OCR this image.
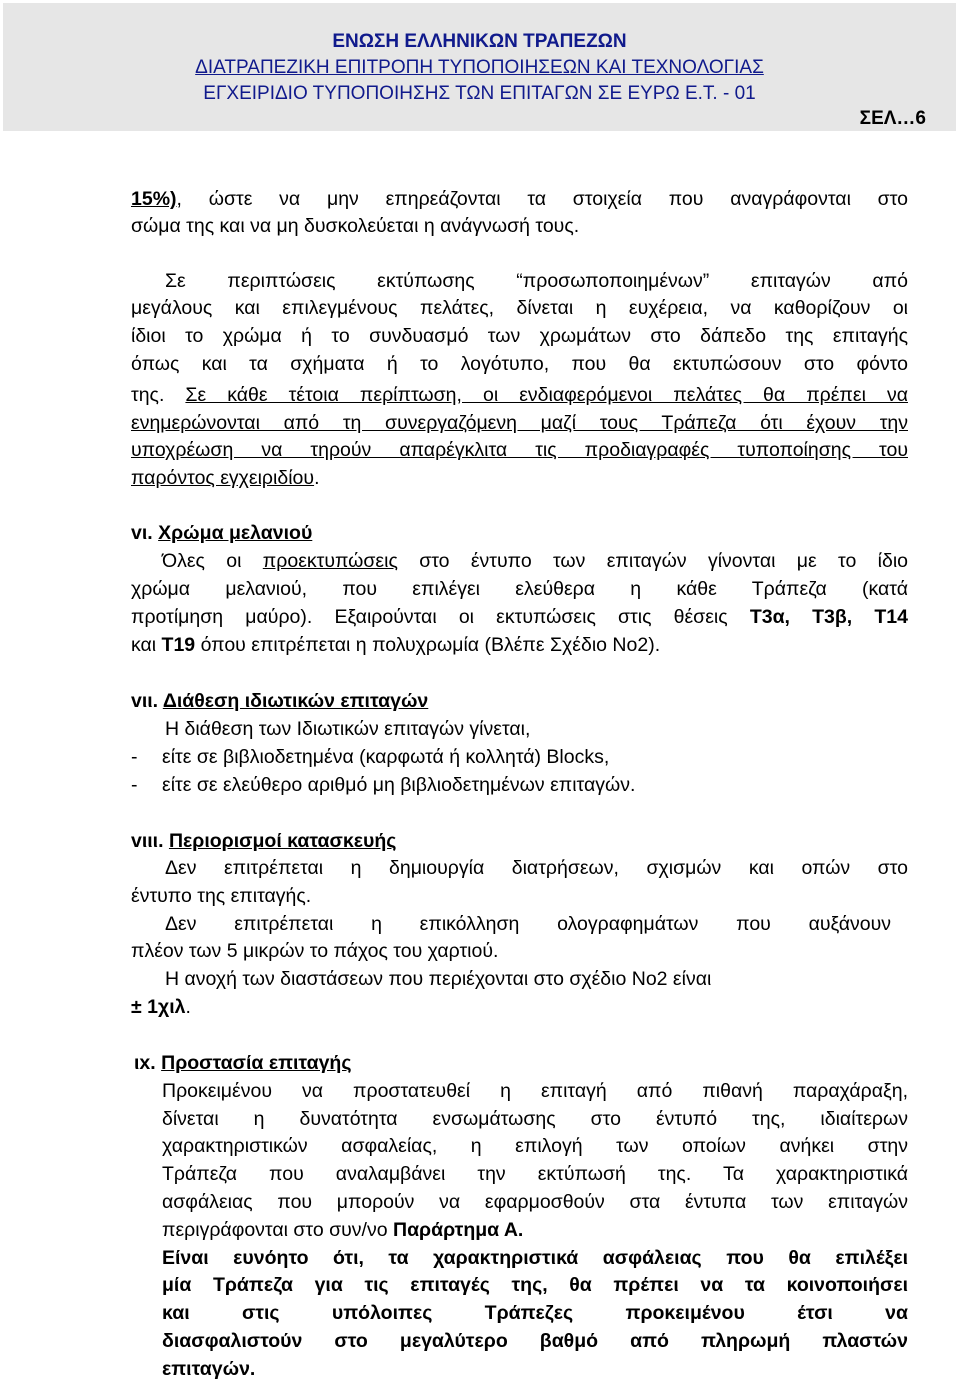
ΕΝΩΣΗ ΕΛΛΗΝΙΚΩΝ ΤΡΑΠΕΖΩΝ
ΔΙΑΤΡΑΠΕΖΙΚΗ ΕΠΙΤΡΟΠΗ ΤΥΠΟΠΟΙΗΣΕΩΝ ΚΑΙ ΤΕΧΝΟΛΟΓΙΑΣ
ΕΓΧΕΙΡΙΔΙΟ ΤΥΠΟΠΟΙΗΣΗΣ ΤΩΝ ΕΠΙΤΑΓΩΝ ΣΕ ΕΥΡΩ Ε.Τ. - 01
ΣΕΛ…6
15%), ώστε να μην επηρεάζονται τα στοιχεία που αναγράφονται στο
σώμα της και να μη δυσκολεύεται η ανάγνωσή τους.
Σε περιπτώσεις εκτύπωσης “προσωποποιημένων” επιταγών από
μεγάλους και επιλεγμένους πελάτες, δίνεται η ευχέρεια, να καθορίζουν οι
ίδιοι το χρώμα ή το συνδυασμό των χρωμάτων στο δάπεδο της επιταγής
όπως και τα σχήματα ή το λογότυπο, που θα εκτυπώσουν στο φόντο
της. Σε κάθε τέτοια περίπτωση, οι ενδιαφερόμενοι πελάτες θα πρέπει να
ενημερώνονται από τη συνεργαζόμενη μαζί τους Τράπεζα ότι έχουν την
υποχρέωση να τηρούν απαρέγκλιτα τις προδιαγραφές τυποποίησης του
παρόντος εγχειριδίου.
vι. Χρώμα μελανιού
Όλες οι προεκτυπώσεις στο έντυπο των επιταγών γίνονται με το ίδιο
χρώμα μελανιού, που επιλέγει ελεύθερα η κάθε Τράπεζα (κατά
προτίμηση μαύρο). Εξαιρούνται οι εκτυπώσεις στις θέσεις Τ3α, Τ3β, Τ14
και Τ19 όπου επιτρέπεται η πολυχρωμία (Βλέπε Σχέδιο Νο2).
vιι. Διάθεση ιδιωτικών επιταγών
Η διάθεση των Ιδιωτικών επιταγών γίνεται,
- είτε σε βιβλιοδετημένα (καρφωτά ή κολλητά) Blocks,
- είτε σε ελεύθερο αριθμό μη βιβλιοδετημένων επιταγών.
vιιι. Περιορισμοί κατασκευής
Δεν επιτρέπεται η δημιουργία διατρήσεων, σχισμών και οπών στο
έντυπο της επιταγής.
Δεν επιτρέπεται η επικόλληση ολογραφημάτων που αυξάνουν
πλέον των 5 μικρών το πάχος του χαρτιού.
Η ανοχή των διαστάσεων που περιέχονται στο σχέδιο Νο2 είναι
± 1χιλ.
ιx. Προστασία επιταγής
Προκειμένου να προστατευθεί η επιταγή από πιθανή παραχάραξη,
δίνεται η δυνατότητα ενσωμάτωσης στο έντυπό της, ιδιαίτερων
χαρακτηριστικών ασφαλείας, η επιλογή των οποίων ανήκει στην
Τράπεζα που αναλαμβάνει την εκτύπωσή της. Τα χαρακτηριστικά
ασφάλειας που μπορούν να εφαρμοσθούν στα έντυπα των επιταγών
περιγράφονται στο συν/νο Παράρτημα Α.
Είναι ευνόητο ότι, τα χαρακτηριστικά ασφάλειας που θα επιλέξει
μία Τράπεζα για τις επιταγές της, θα πρέπει να τα κοινοποιήσει
και στις υπόλοιπες Τράπεζες προκειμένου έτσι να
διασφαλιστούν στο μεγαλύτερο βαθμό από πληρωμή πλαστών
επιταγών.
